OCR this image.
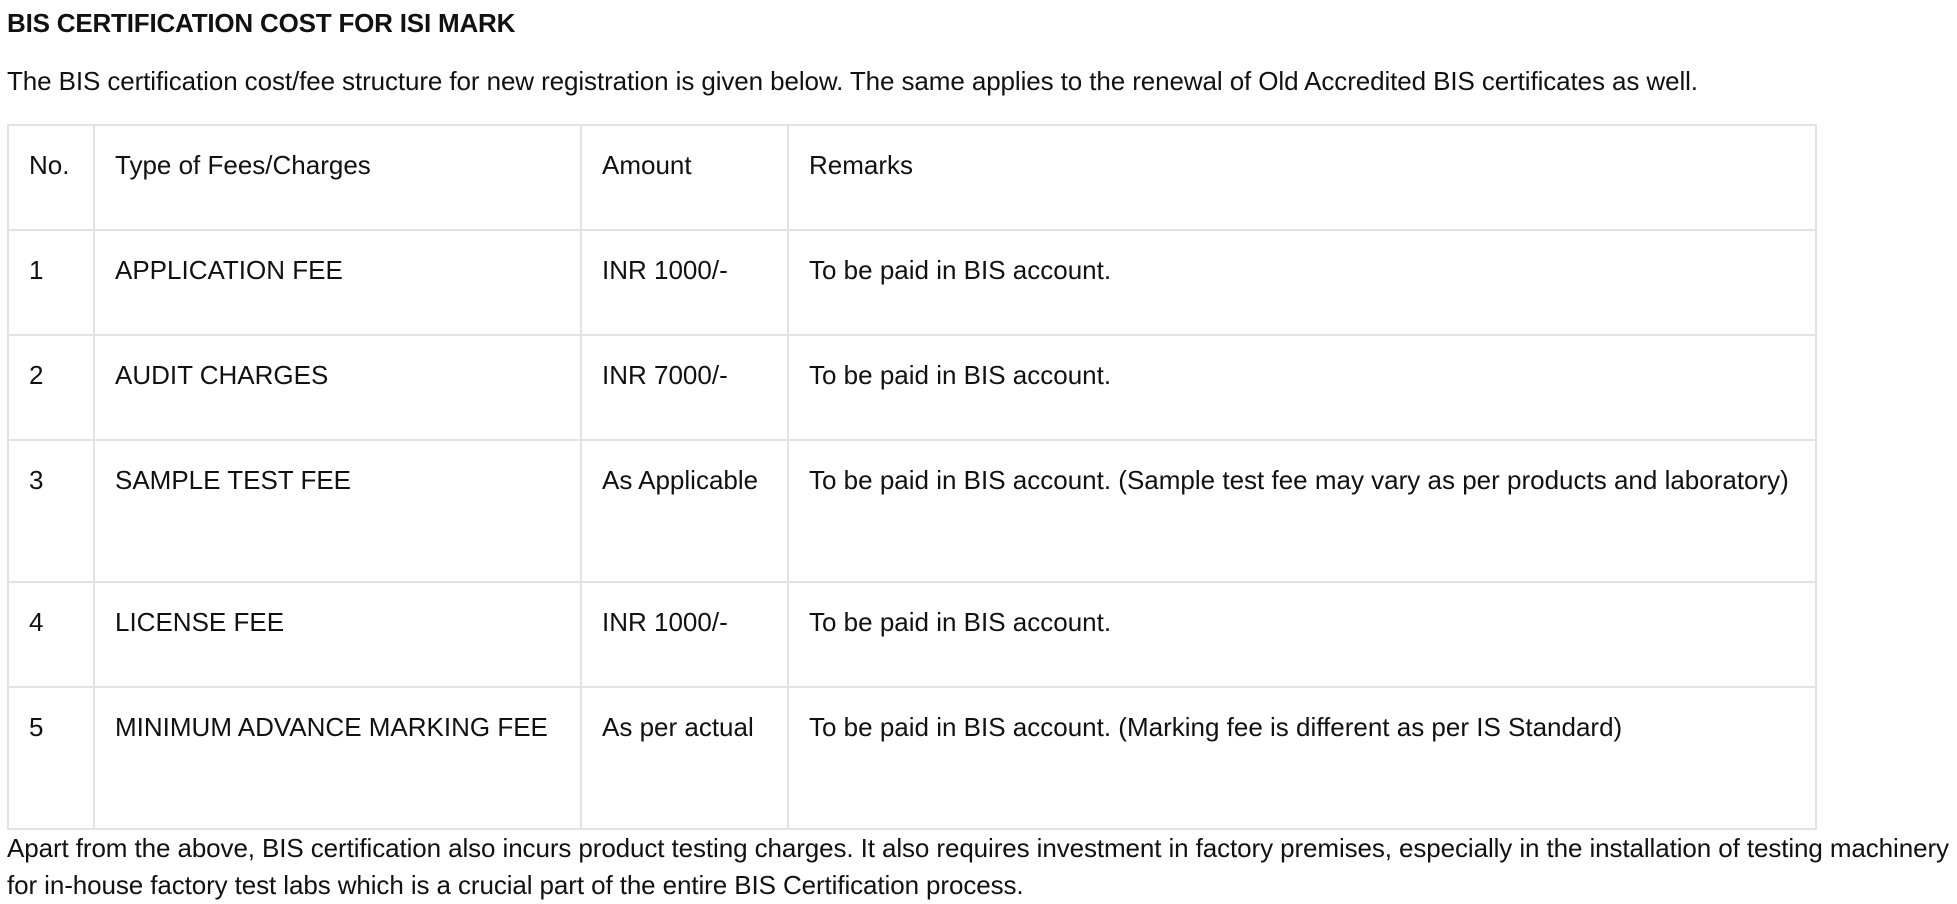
BIS CERTIFICATION COST FOR ISI MARK

The BIS certification cost/fee structure for new registration is given below. The same applies to the renewal of Old Accredited BIS certificates as well.

No.	Type of Fees/Charges	Amount	Remarks
1	APPLICATION FEE	INR 1000/-	To be paid in BIS account.
2	AUDIT CHARGES	INR 7000/-	To be paid in BIS account.
3	SAMPLE TEST FEE	As Applicable	To be paid in BIS account. (Sample test fee may vary as per products and laboratory)
4	LICENSE FEE	INR 1000/-	To be paid in BIS account.
5	MINIMUM ADVANCE MARKING FEE	As per actual	To be paid in BIS account. (Marking fee is different as per IS Standard)

Apart from the above, BIS certification also incurs product testing charges. It also requires investment in factory premises, especially in the installation of testing machinery for in-house factory test labs which is a crucial part of the entire BIS Certification process.
